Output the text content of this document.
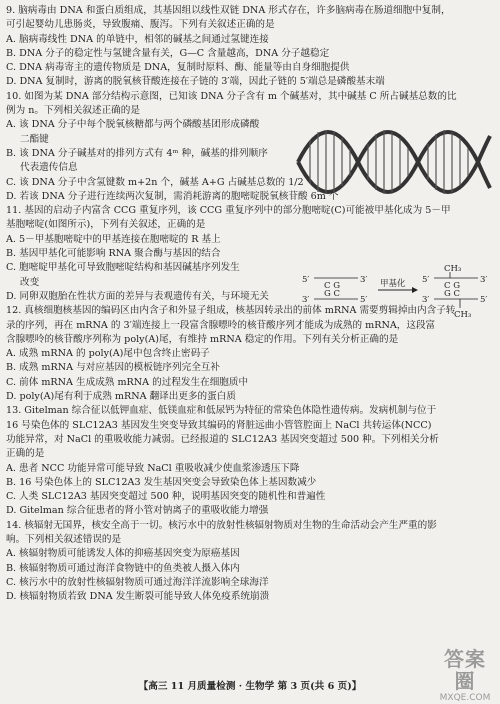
9. 脑病毒由 DNA 和蛋白质组成，其基因组以线性双链 DNA 形式存在，许多脑病毒在肠道细胞中复制，
可引起婴幼儿患肠炎，导致腹痛、腹泻。下列有关叙述正确的是
A. 脑病毒线性 DNA 的单链中，相邻的碱基之间通过氢键连接
B. DNA 分子的稳定性与氢键含量有关，G—C 含量越高，DNA 分子越稳定
C. DNA 病毒寄主的遗传物质是 DNA，复制时原料、酶、能量等由自身细胞提供
D. DNA 复制时，游离的脱氧核苷酸连接在子链的 3′端，因此子链的 5′端总是磷酸基末端
10. 如图为某 DNA 部分结构示意图，已知该 DNA 分子含有 m 个碱基对，其中碱基 C 所占碱基总数的比
例为 n。下列相关叙述正确的是
A. 该 DNA 分子中每个脱氧核糖都与两个磷酸基团形成磷酸
二酯键
B. 该 DNA 分子碱基对的排列方式有 4ᵐ 种，碱基的排列顺序
代表遗传信息
C. 该 DNA 分子中含氢键数 m+2n 个，碱基 A+G 占碱基总数的 1/2
D. 若该 DNA 分子进行连续两次复制，需消耗游离的胞嘧啶脱氧核苷酸 6m 个
11. 基因的启动子内富含 CCG 重复序列，该 CCG 重复序列中的部分胞嘧啶(C)可能被甲基化成为 5－甲
基胞嘧啶(如图所示)，下列有关叙述，正确的是
A. 5－甲基胞嘧啶中的甲基连接在胞嘧啶的 R 基上
B. 基因甲基化可能影响 RNA 聚合酶与基因的结合
C. 胞嘧啶甲基化可导致胞嘧啶结构和基因碱基序列发生
改变
D. 同卵双胞胎在性状方面的差异与表观遗传有关，与环境无关
12. 真核细胞核基因的编码区由内含子和外显子组成，核基因转录出的前体 mRNA 需要剪辑掉由内含子转
录的序列，再在 mRNA 的 3′端连接上一段富含腺嘌呤的核苷酸序列才能成为成熟的 mRNA，这段富
含腺嘌呤的核苷酸序列称为 poly(A)尾，有维持 mRNA 稳定的作用。下列有关分析正确的是
A. 成熟 mRNA 的 poly(A)尾中包含终止密码子
B. 成熟 mRNA 与对应基因的模板链序列完全互补
C. 前体 mRNA 生成成熟 mRNA 的过程发生在细胞质中
D. poly(A)尾有利于成熟 mRNA 翻译出更多的蛋白质
13. Gitelman 综合征以低钾血症、低镁血症和低尿钙为特征的常染色体隐性遗传病。发病机制与位于
16 号染色体的 SLC12A3 基因发生突变导致其编码的肾脏远曲小管管腔面上 NaCl 共转运体(NCC)
功能异常，对 NaCl 的重吸收能力减弱。已经报道的 SLC12A3 基因突变超过 500 种。下列相关分析
正确的是
A. 患者 NCC 功能异常可能导致 NaCl 重吸收减少使血浆渗透压下降
B. 16 号染色体上的 SLC12A3 发生基因突变会导致染色体上基因数减少
C. 人类 SLC12A3 基因突变超过 500 种，说明基因突变的随机性和普遍性
D. Gitelman 综合征患者的肾小管对钠离子的重吸收能力增强
14. 核辐射无国界，核安全高于一切。核污水中的放射性核辐射物质对生物的生命活动会产生严重的影
响。下列相关叙述错误的是
A. 核辐射物质可能诱发人体的抑癌基因突变为原癌基因
B. 核辐射物质可通过海洋食物链中的鱼类被人摄入体内
C. 核污水中的放射性核辐射物质可通过海洋洋流影响全球海洋
D. 核辐射物质若致 DNA 发生断裂可能导致人体免疫系统崩溃
5′
3′
C G
G C
3′
5′
甲基化 5′
3′
CH₃
C G
G C
CH₃
3′
5′
【高三 11 月质量检测 · 生物学 第 3 页(共 6 页)】
答案圈
MXQE.COM
